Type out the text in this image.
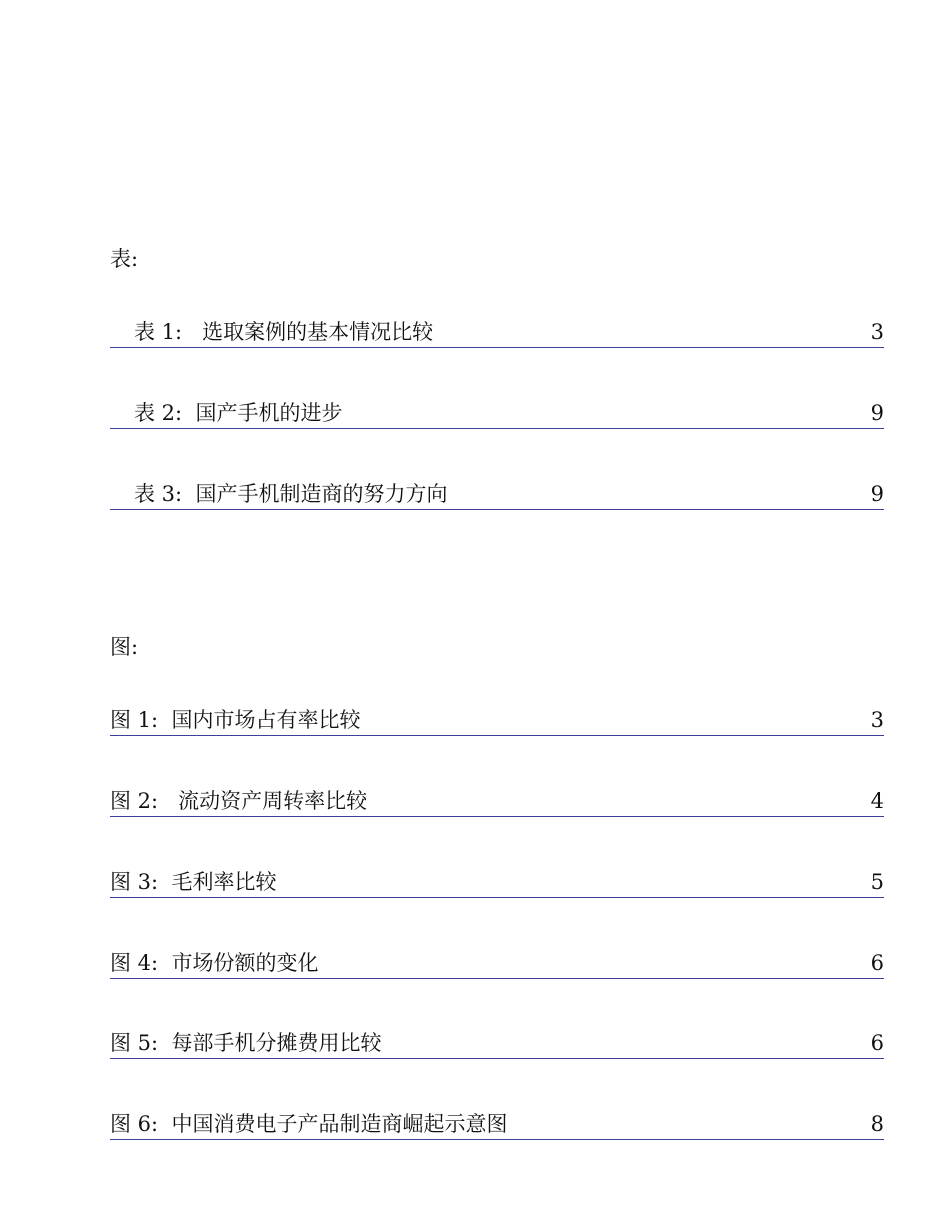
表:
表 1:   选取案例的基本情况比较	3
表 2:  国产手机的进步	9
表 3:  国产手机制造商的努力方向	9
图:
图 1:  国内市场占有率比较	3
图 2:   流动资产周转率比较	4
图 3:  毛利率比较	5
图 4:  市场份额的变化	6
图 5:  每部手机分摊费用比较	6
图 6:  中国消费电子产品制造商崛起示意图	8
